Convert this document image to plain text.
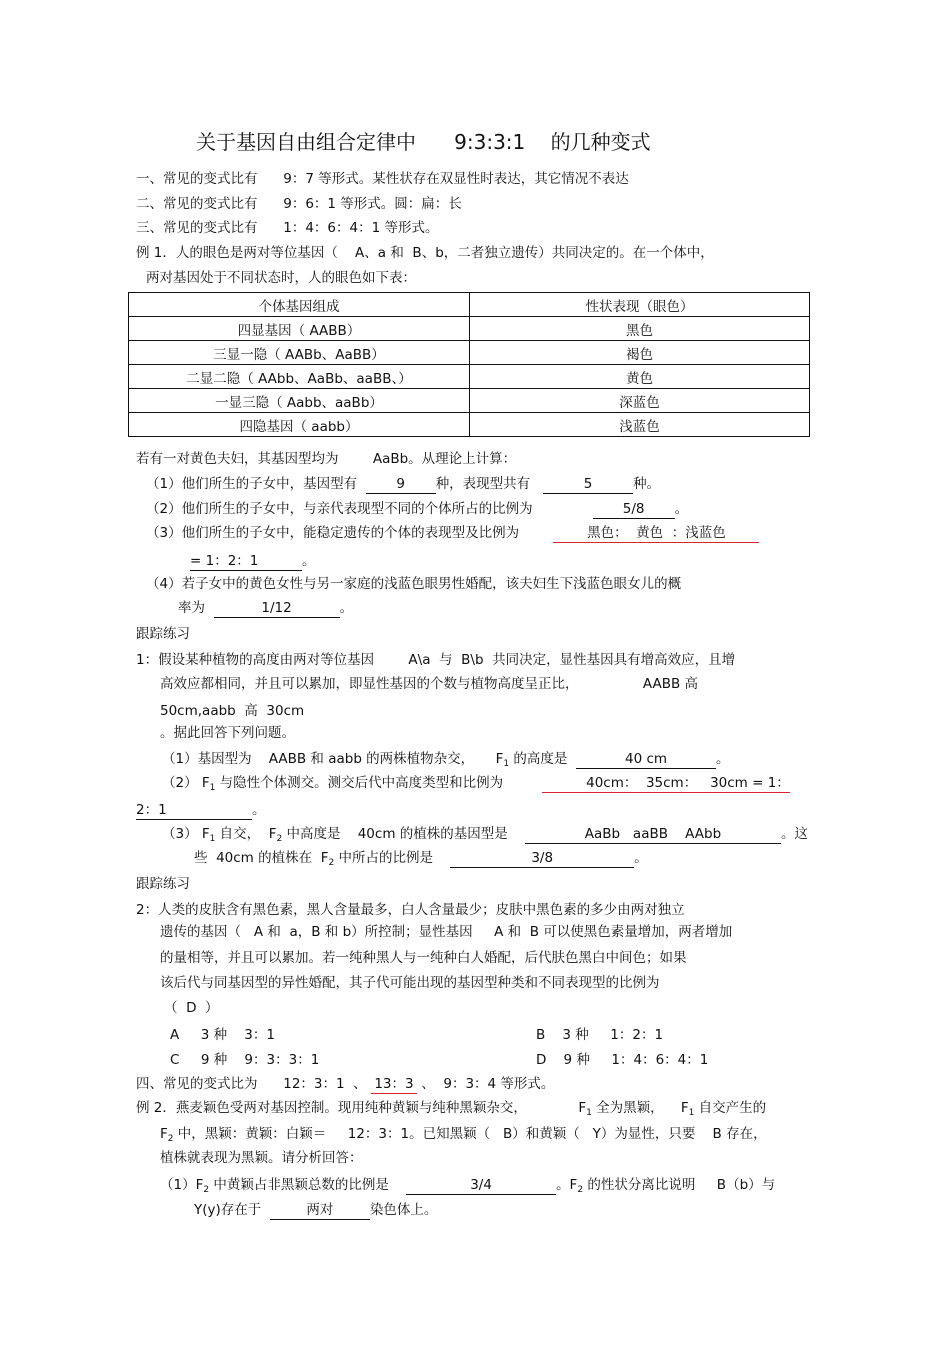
关于基因自由组合定律中      9:3:3:1    的几种变式
一、常见的变式比有      9：7 等形式。某性状存在双显性时表达，其它情况不表达
二、常见的变式比有      9：6：1 等形式。圆：扁：长
三、常见的变式比有      1：4：6：4：1 等形式。
例 1．人的眼色是两对等位基因（    A、a 和  B、b，二者独立遗传）共同决定的。在一个体中，
两对基因处于不同状态时，人的眼色如下表：
个体基因组成	性状表现（眼色）
四显基因（ AABB）	黑色
三显一隐（ AABb、AaBB）	褐色
二显二隐（ AAbb、AaBb、aaBB、）	黄色
一显三隐（ Aabb、aaBb）	深蓝色
四隐基因（ aabb）	浅蓝色
若有一对黄色夫妇，其基因型均为        AaBb。从理论上计算：
（1）他们所生的子女中，基因型有	9 种，表现型共有	5	种。
（2）他们所生的子女中，与亲代表现型不同的个体所占的比例为	5/8 。
（3）他们所生的子女中，能稳定遗传的个体的表现型及比例为	黑色：  黄色  ：浅蓝色
= 1：2：1	。
（4）若子女中的黄色女性与另一家庭的浅蓝色眼男性婚配，该夫妇生下浅蓝色眼女儿的概
率为	1/12	。
跟踪练习
1：假设某种植物的高度由两对等位基因        A\a  与  B\b  共同决定，显性基因具有增高效应，且增
高效应都相同，并且可以累加，即显性基因的个数与植物高度呈正比，               AABB 高
50cm,aabb  高  30cm
。据此回答下列问题。
（1）基因型为    AABB 和 aabb 的两株植物杂交，     $F_1$ 的高度是	40 cm	。
（2） $F_1$ 与隐性个体测交。测交后代中高度类型和比例为	40cm：  35cm：   30cm = 1：
2：1	。
（3） $F_1$ 自交，  $F_2$ 中高度是    40cm 的植株的基因型是	AaBb   aaBB    AAbb	。这
些  40cm 的植株在  $F_2$ 中所占的比例是	3/8	。
跟踪练习
2：人类的皮肤含有黑色素，黑人含量最多，白人含量最少；皮肤中黑色素的多少由两对独立
遗传的基因（   A 和  a，B 和 b）所控制；显性基因     A 和  B 可以使黑色素量增加，两者增加
的量相等，并且可以累加。若一纯种黑人与一纯种白人婚配，后代肤色黑白中间色；如果
该后代与同基因型的异性婚配，其子代可能出现的基因型种类和不同表现型的比例为
（  D  ）
A     3 种    3：1	B    3 种     1：2：1
C     9 种    9：3：3：1	D    9 种     1：4：6：4：1
四、常见的变式比为      12：3：1  、 13：3 、  9：3：4 等形式。
例 2．燕麦颖色受两对基因控制。现用纯种黄颖与纯种黑颖杂交，            $F_1$ 全为黑颖，    $F_1$ 自交产生的
$F_2$ 中，黑颖：黄颖：白颖＝     12：3：1。已知黑颖（   B）和黄颖（   Y）为显性，只要    B 存在，
植株就表现为黑颖。请分析回答：
$(1)F_2$ 中黄颖占非黑颖总数的比例是	3/4	。$F_2$ 的性状分离比说明     B（b）与
Y(y)存在于	两对	染色体上。
